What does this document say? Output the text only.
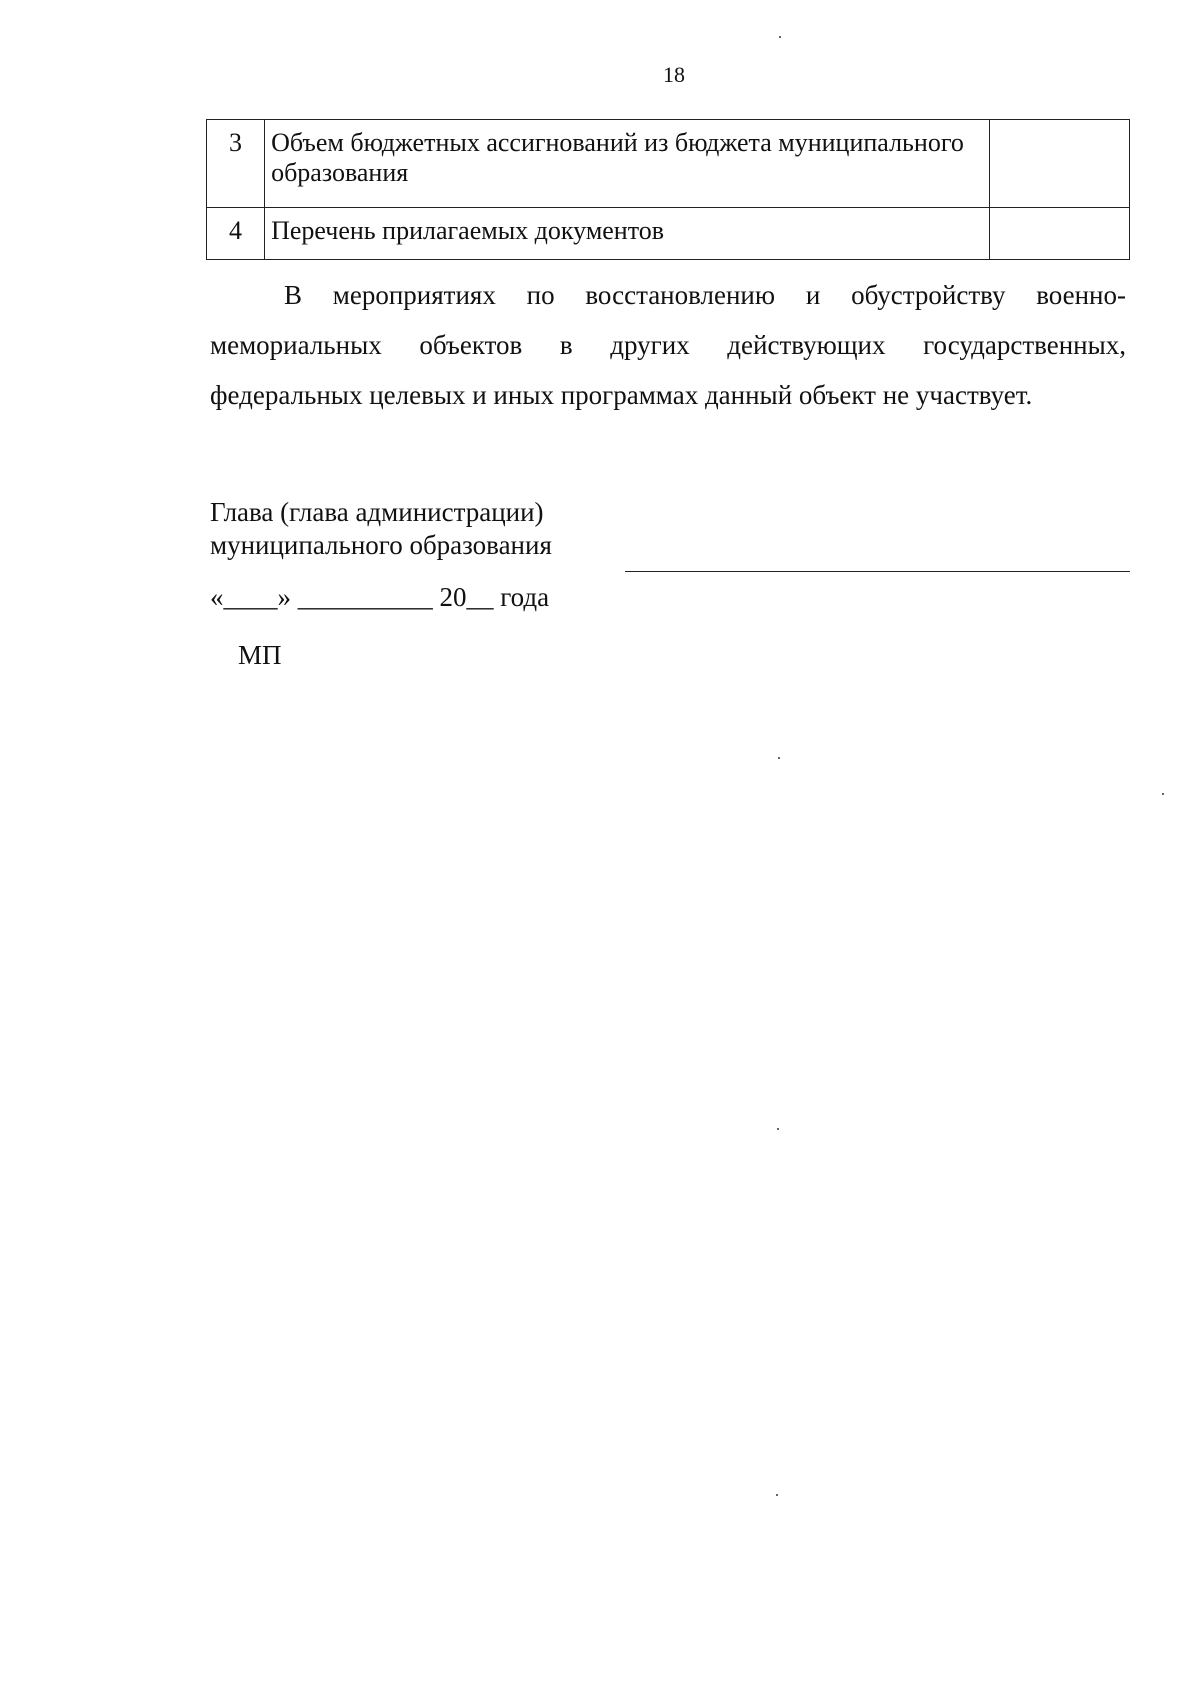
18
3	Объем бюджетных ассигнований из бюджета муниципального образования	
4	Перечень прилагаемых документов	
В мероприятиях по восстановлению и обустройству военно-мемориальных объектов в других действующих государственных, федеральных целевых и иных программах данный объект не участвует.
Глава (глава администрации)
муниципального образования
«____» __________ 20__ года
МП
